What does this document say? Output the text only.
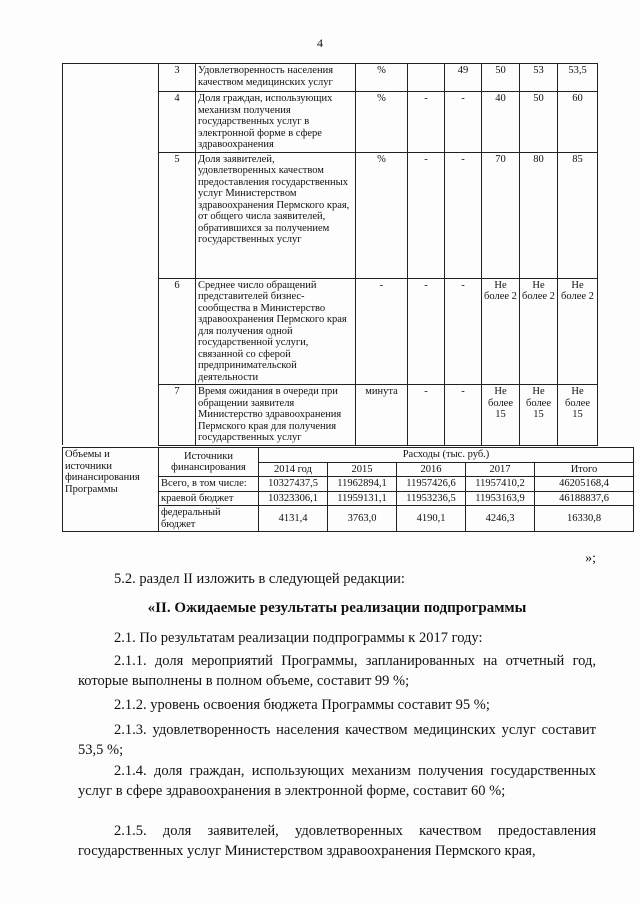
4
	3	Удовлетворенность населения качеством медицинских услуг	%		49	50	53	53,5
	4	Доля граждан, использующих механизм получения государственных услуг в электронной форме в сфере здравоохранения	%	-	-	40	50	60
	5	Доля заявителей, удовлетворенных качеством предоставления государственных услуг Министерством здравоохранения Пермского края, от общего числа заявителей, обратившихся за получением государственных услуг	%	-	-	70	80	85
	6	Среднее число обращений представителей бизнес-сообщества в Министерство здравоохранения Пермского края для получения одной государственной услуги, связанной со сферой предпринимательской деятельности	-	-	-	Не более 2	Не более 2	Не более 2
	7	Время ожидания в очереди при обращении заявителя Министерство здравоохранения Пермского края для получения государственных услуг	минута	-	-	Не более 15	Не более 15	Не более 15
Объемы и источники финансирования Программы	Источники финансирования	Расходы (тыс. руб.)				
		2014 год	2015	2016	2017	Итого
	Всего, в том числе:	10327437,5	11962894,1	11957426,6	11957410,2	46205168,4
	краевой бюджет	10323306,1	11959131,1	11953236,5	11953163,9	46188837,6
	федеральный бюджет	4131,4	3763,0	4190,1	4246,3	16330,8
»;
5.2. раздел II изложить в следующей редакции:
«II. Ожидаемые результаты реализации подпрограммы
2.1. По результатам реализации подпрограммы к 2017 году:
2.1.1. доля мероприятий Программы, запланированных на отчетный год, которые выполнены в полном объеме, составит 99 %;
2.1.2. уровень освоения бюджета Программы составит 95 %;
2.1.3. удовлетворенность населения качеством медицинских услуг составит 53,5 %;
2.1.4. доля граждан, использующих механизм получения государственных услуг в сфере здравоохранения в электронной форме, составит 60 %;
2.1.5. доля заявителей, удовлетворенных качеством предоставления государственных услуг Министерством здравоохранения Пермского края,
